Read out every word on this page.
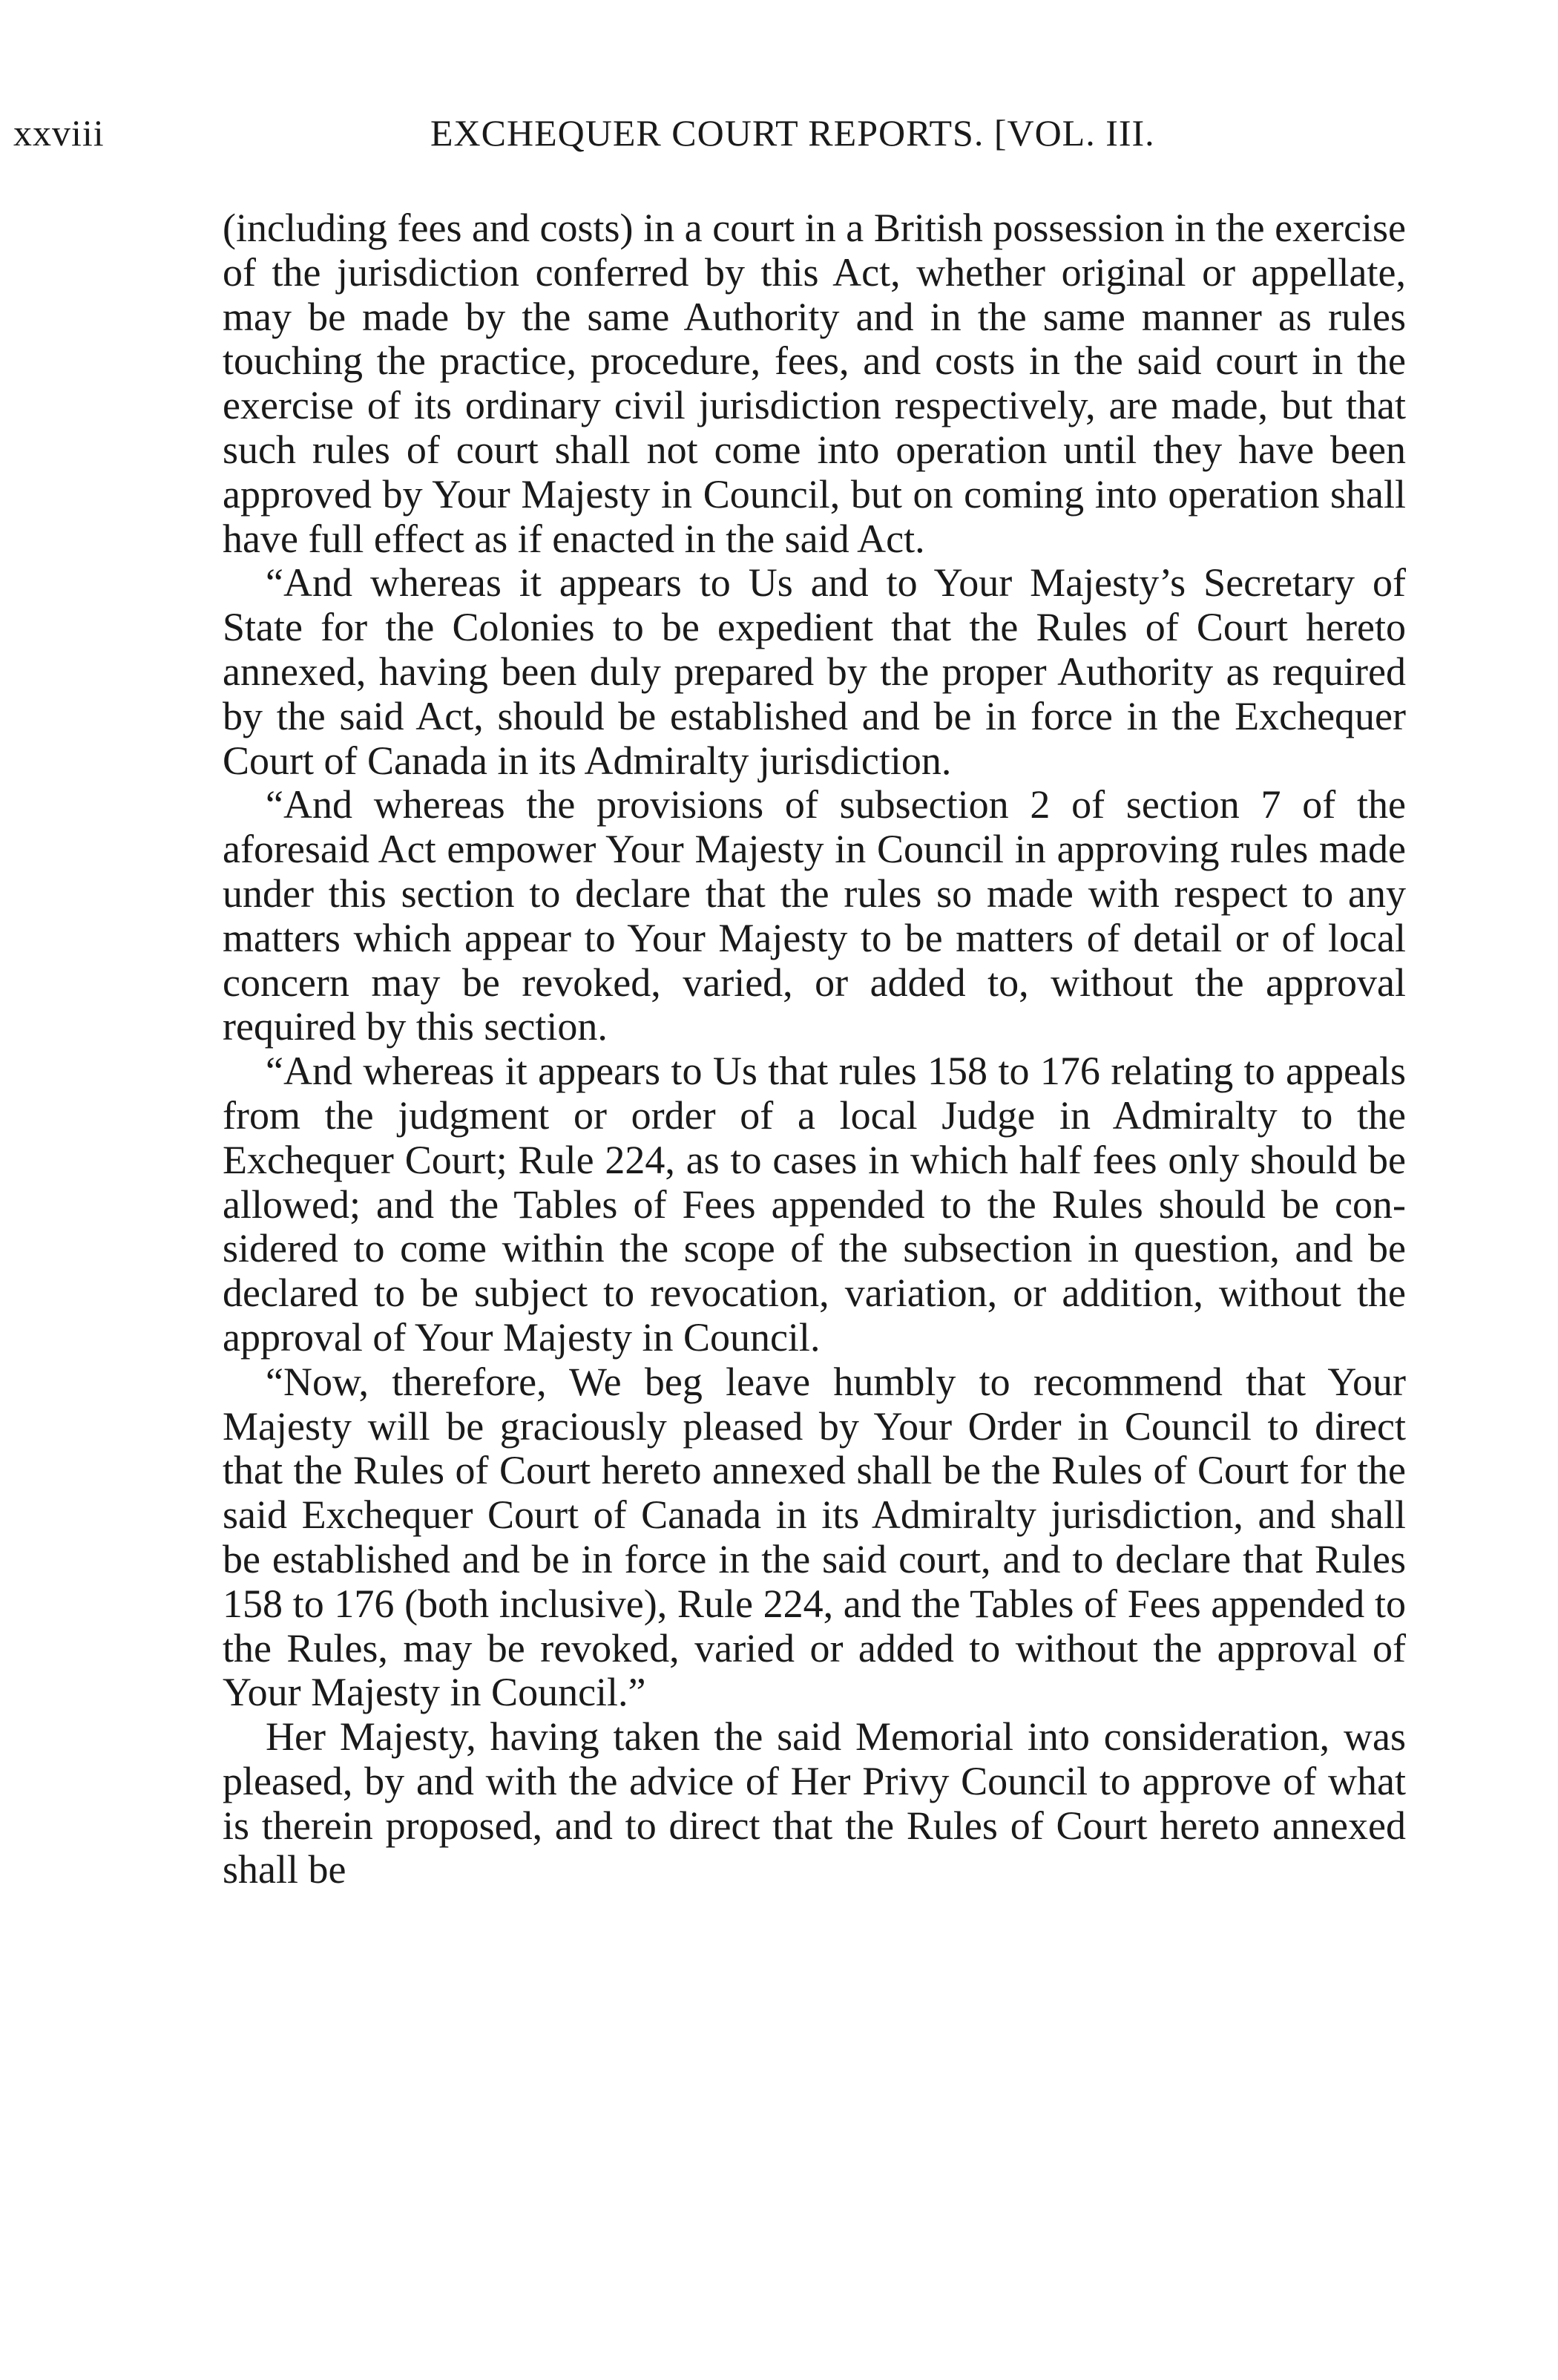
xxviii	EXCHEQUER COURT REPORTS. [VOL. III.

(including fees and costs) in a court in a British possession in the exercise of the jurisdiction conferred by this Act, whether original or appellate, may be made by the same Authority and in the same manner as rules touching the practice, procedure, fees, and costs in the said court in the exercise of its ordinary civil jurisdiction respectively, are made, but that such rules of court shall not come into operation until they have been approved by Your Majesty in Council, but on coming into operation shall have full effect as if enacted in the said Act.

“And whereas it appears to Us and to Your Majesty’s Secretary of State for the Colonies to be expedient that the Rules of Court hereto annexed, having been duly prepared by the proper Authority as required by the said Act, should be established and be in force in the Exchequer Court of Canada in its Admiralty jurisdiction.

“And whereas the provisions of subsection 2 of section 7 of the aforesaid Act empower Your Majesty in Council in approving rules made under this section to declare that the rules so made with respect to any matters which appear to Your Majesty to be matters of detail or of local concern may be revoked, varied, or added to, without the approval required by this section.

“And whereas it appears to Us that rules 158 to 176 relating to appeals from the judgment or order of a local Judge in Admiralty to the Exchequer Court; Rule 224, as to cases in which half fees only should be allowed; and the Tables of Fees appended to the Rules should be considered to come within the scope of the subsection in question, and be declared to be subject to revocation, variation, or addition, without the approval of Your Majesty in Council.

“Now, therefore, We beg leave humbly to recommend that Your Majesty will be graciously pleased by Your Order in Council to direct that the Rules of Court hereto annexed shall be the Rules of Court for the said Exchequer Court of Canada in its Admiralty jurisdiction, and shall be established and be in force in the said court, and to declare that Rules 158 to 176 (both inclusive), Rule 224, and the Tables of Fees appended to the Rules, may be revoked, varied or added to without the approval of Your Majesty in Council.”

Her Majesty, having taken the said Memorial into consideration, was pleased, by and with the advice of Her Privy Council to approve of what is therein proposed, and to direct that the Rules of Court hereto annexed shall be
